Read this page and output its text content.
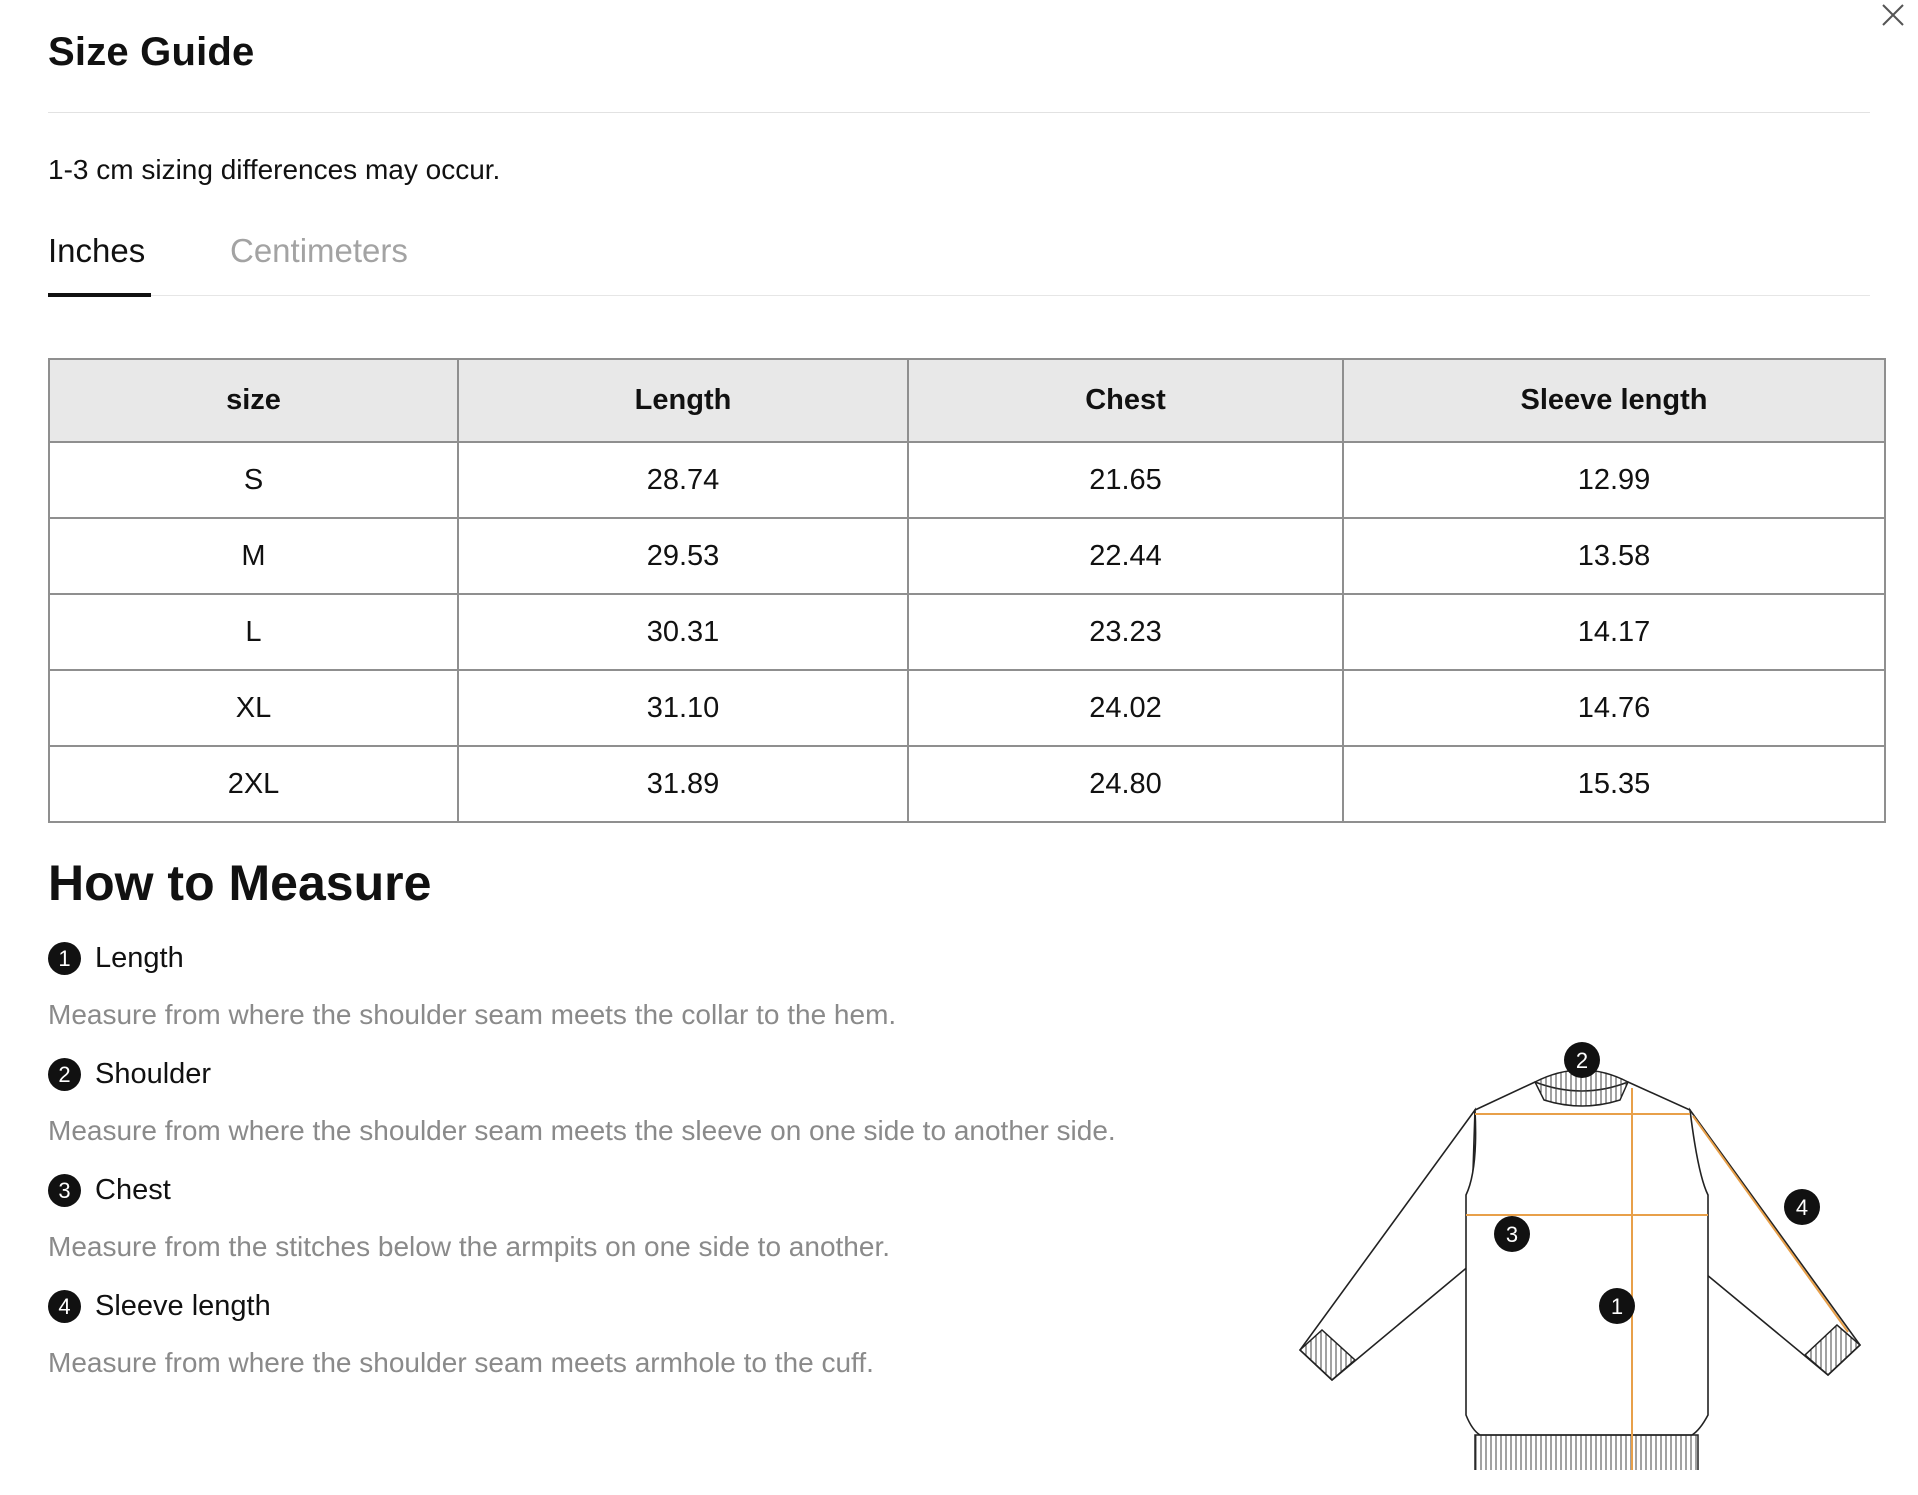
Size Guide
1-3 cm sizing differences may occur.
Inches	Centimeters
size	Length	Chest	Sleeve length
S	28.74	21.65	12.99
M	29.53	22.44	13.58
L	30.31	23.23	14.17
XL	31.10	24.02	14.76
2XL	31.89	24.80	15.35
How to Measure
1 Length
Measure from where the shoulder seam meets the collar to the hem.
2 Shoulder
Measure from where the shoulder seam meets the sleeve on one side to another side.
3 Chest
Measure from the stitches below the armpits on one side to another.
4 Sleeve length
Measure from where the shoulder seam meets armhole to the cuff.
1
2
3
4
